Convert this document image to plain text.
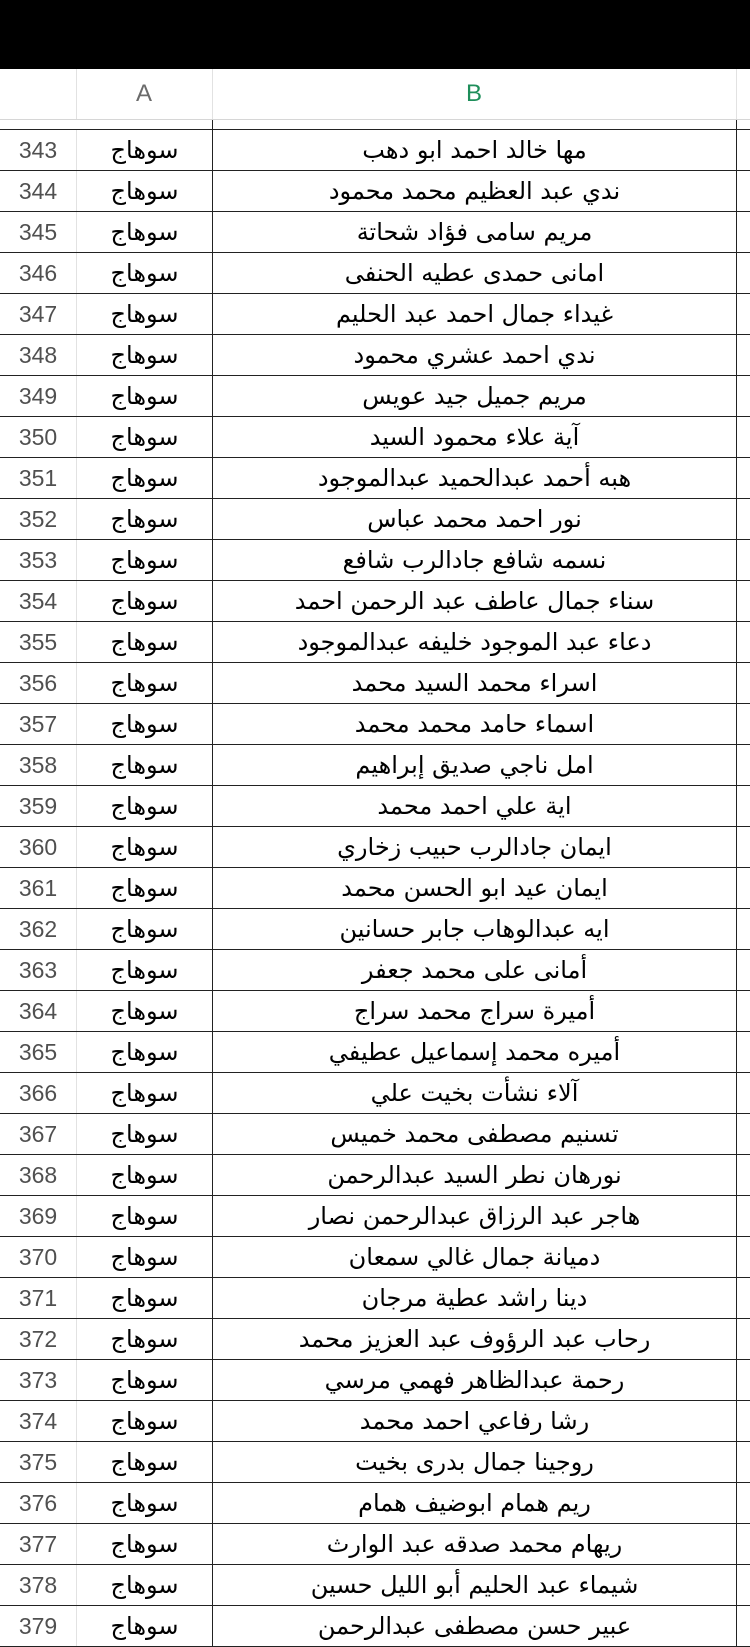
A	B
343	سوهاج	مها خالد احمد ابو دهب
344	سوهاج	ندي عبد العظيم محمد محمود
345	سوهاج	مريم سامى فؤاد شحاتة
346	سوهاج	امانى حمدى عطيه الحنفى
347	سوهاج	غيداء جمال احمد عبد الحليم
348	سوهاج	ندي احمد عشري محمود
349	سوهاج	مريم جميل جيد عويس
350	سوهاج	آية علاء محمود السيد
351	سوهاج	هبه أحمد عبدالحميد عبدالموجود
352	سوهاج	نور احمد محمد عباس
353	سوهاج	نسمه شافع جادالرب شافع
354	سوهاج	سناء جمال عاطف عبد الرحمن احمد
355	سوهاج	دعاء عبد الموجود خليفه عبدالموجود
356	سوهاج	اسراء محمد السيد محمد
357	سوهاج	اسماء حامد محمد محمد
358	سوهاج	امل ناجي صديق إبراهيم
359	سوهاج	اية علي احمد محمد
360	سوهاج	ايمان جادالرب حبيب زخاري
361	سوهاج	ايمان عيد ابو الحسن محمد
362	سوهاج	ايه عبدالوهاب جابر حسانين
363	سوهاج	أمانى على محمد جعفر
364	سوهاج	أميرة سراج محمد سراج
365	سوهاج	أميره محمد إسماعيل عطيفي
366	سوهاج	آلاء نشأت بخيت علي
367	سوهاج	تسنيم مصطفى محمد خميس
368	سوهاج	نورهان نطر السيد عبدالرحمن
369	سوهاج	هاجر عبد الرزاق عبدالرحمن نصار
370	سوهاج	دميانة جمال غالي سمعان
371	سوهاج	دينا راشد عطية مرجان
372	سوهاج	رحاب عبد الرؤوف عبد العزيز محمد
373	سوهاج	رحمة عبدالظاهر فهمي مرسي
374	سوهاج	رشا رفاعي احمد محمد
375	سوهاج	روجينا جمال بدرى بخيت
376	سوهاج	ريم همام ابوضيف همام
377	سوهاج	ريهام محمد صدقه عبد الوارث
378	سوهاج	شيماء عبد الحليم أبو الليل حسين
379	سوهاج	عبير حسن مصطفى عبدالرحمن
